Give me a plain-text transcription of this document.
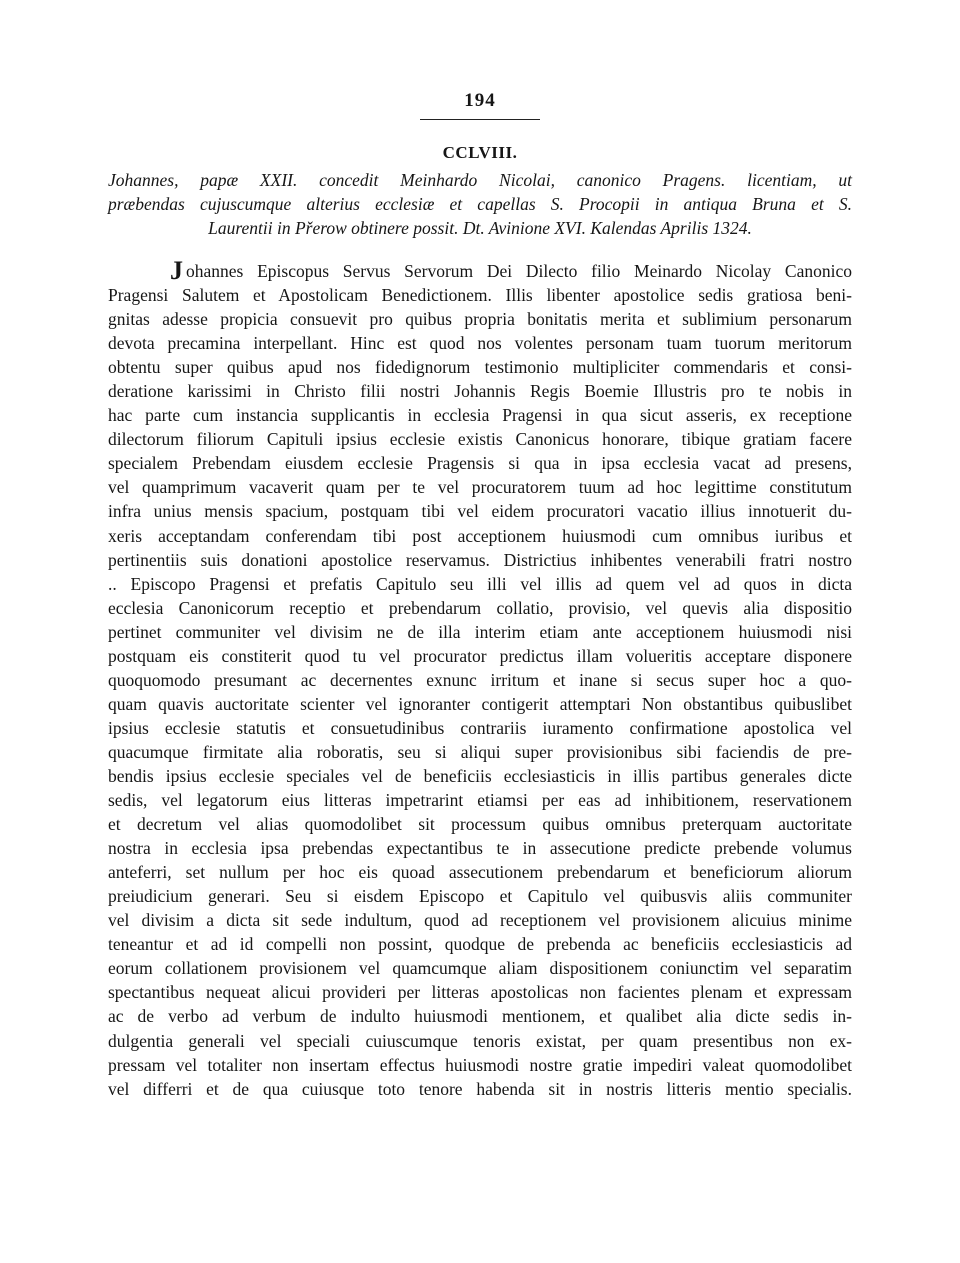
194
CCLVIII.
Johannes, papæ XXII. concedit Meinhardo Nicolai, canonico Pragens. licentiam, ut
præbendas cujuscumque alterius ecclesiæ et capellas S. Procopii in antiqua Bruna et S.
Laurentii in Přerow obtinere possit. Dt. Avinione XVI. Kalendas Aprilis 1324.
J ohannes Episcopus Servus Servorum Dei Dilecto filio Meinardo Nicolay Canonico
Pragensi Salutem et Apostolicam Benedictionem. Illis libenter apostolice sedis gratiosa beni-
gnitas adesse propicia consuevit pro quibus propria bonitatis merita et sublimium personarum
devota precamina interpellant. Hinc est quod nos volentes personam tuam tuorum meritorum
obtentu super quibus apud nos fidedignorum testimonio multipliciter commendaris et consi-
deratione karissimi in Christo filii nostri Johannis Regis Boemie Illustris pro te nobis in
hac parte cum instancia supplicantis in ecclesia Pragensi in qua sicut asseris, ex receptione
dilectorum filiorum Capituli ipsius ecclesie existis Canonicus honorare, tibique gratiam facere
specialem Prebendam eiusdem ecclesie Pragensis si qua in ipsa ecclesia vacat ad presens,
vel quamprimum vacaverit quam per te vel procuratorem tuum ad hoc legittime constitutum
infra unius mensis spacium, postquam tibi vel eidem procuratori vacatio illius innotuerit du-
xeris acceptandam conferendam tibi post acceptionem huiusmodi cum omnibus iuribus et
pertinentiis suis donationi apostolice reservamus. Districtius inhibentes venerabili fratri nostro
.. Episcopo Pragensi et prefatis Capitulo seu illi vel illis ad quem vel ad quos in dicta
ecclesia Canonicorum receptio et prebendarum collatio, provisio, vel quevis alia dispositio
pertinet communiter vel divisim ne de illa interim etiam ante acceptionem huiusmodi nisi
postquam eis constiterit quod tu vel procurator predictus illam volueritis acceptare disponere
quoquomodo presumant ac decernentes exnunc irritum et inane si secus super hoc a quo-
quam quavis auctoritate scienter vel ignoranter contigerit attemptari Non obstantibus quibuslibet
ipsius ecclesie statutis et consuetudinibus contrariis iuramento confirmatione apostolica vel
quacumque firmitate alia roboratis, seu si aliqui super provisionibus sibi faciendis de pre-
bendis ipsius ecclesie speciales vel de beneficiis ecclesiasticis in illis partibus generales dicte
sedis, vel legatorum eius litteras impetrarint etiamsi per eas ad inhibitionem, reservationem
et decretum vel alias quomodolibet sit processum quibus omnibus preterquam auctoritate
nostra in ecclesia ipsa prebendas expectantibus te in assecutione predicte prebende volumus
anteferri, set nullum per hoc eis quoad assecutionem prebendarum et beneficiorum aliorum
preiudicium generari. Seu si eisdem Episcopo et Capitulo vel quibusvis aliis communiter
vel divisim a dicta sit sede indultum, quod ad receptionem vel provisionem alicuius minime
teneantur et ad id compelli non possint, quodque de prebenda ac beneficiis ecclesiasticis ad
eorum collationem provisionem vel quamcumque aliam dispositionem coniunctim vel separatim
spectantibus nequeat alicui provideri per litteras apostolicas non facientes plenam et expressam
ac de verbo ad verbum de indulto huiusmodi mentionem, et qualibet alia dicte sedis in-
dulgentia generali vel speciali cuiuscumque tenoris existat, per quam presentibus non ex-
pressam vel totaliter non insertam effectus huiusmodi nostre gratie impediri valeat quomodolibet
vel differri et de qua cuiusque toto tenore habenda sit in nostris litteris mentio specialis.
